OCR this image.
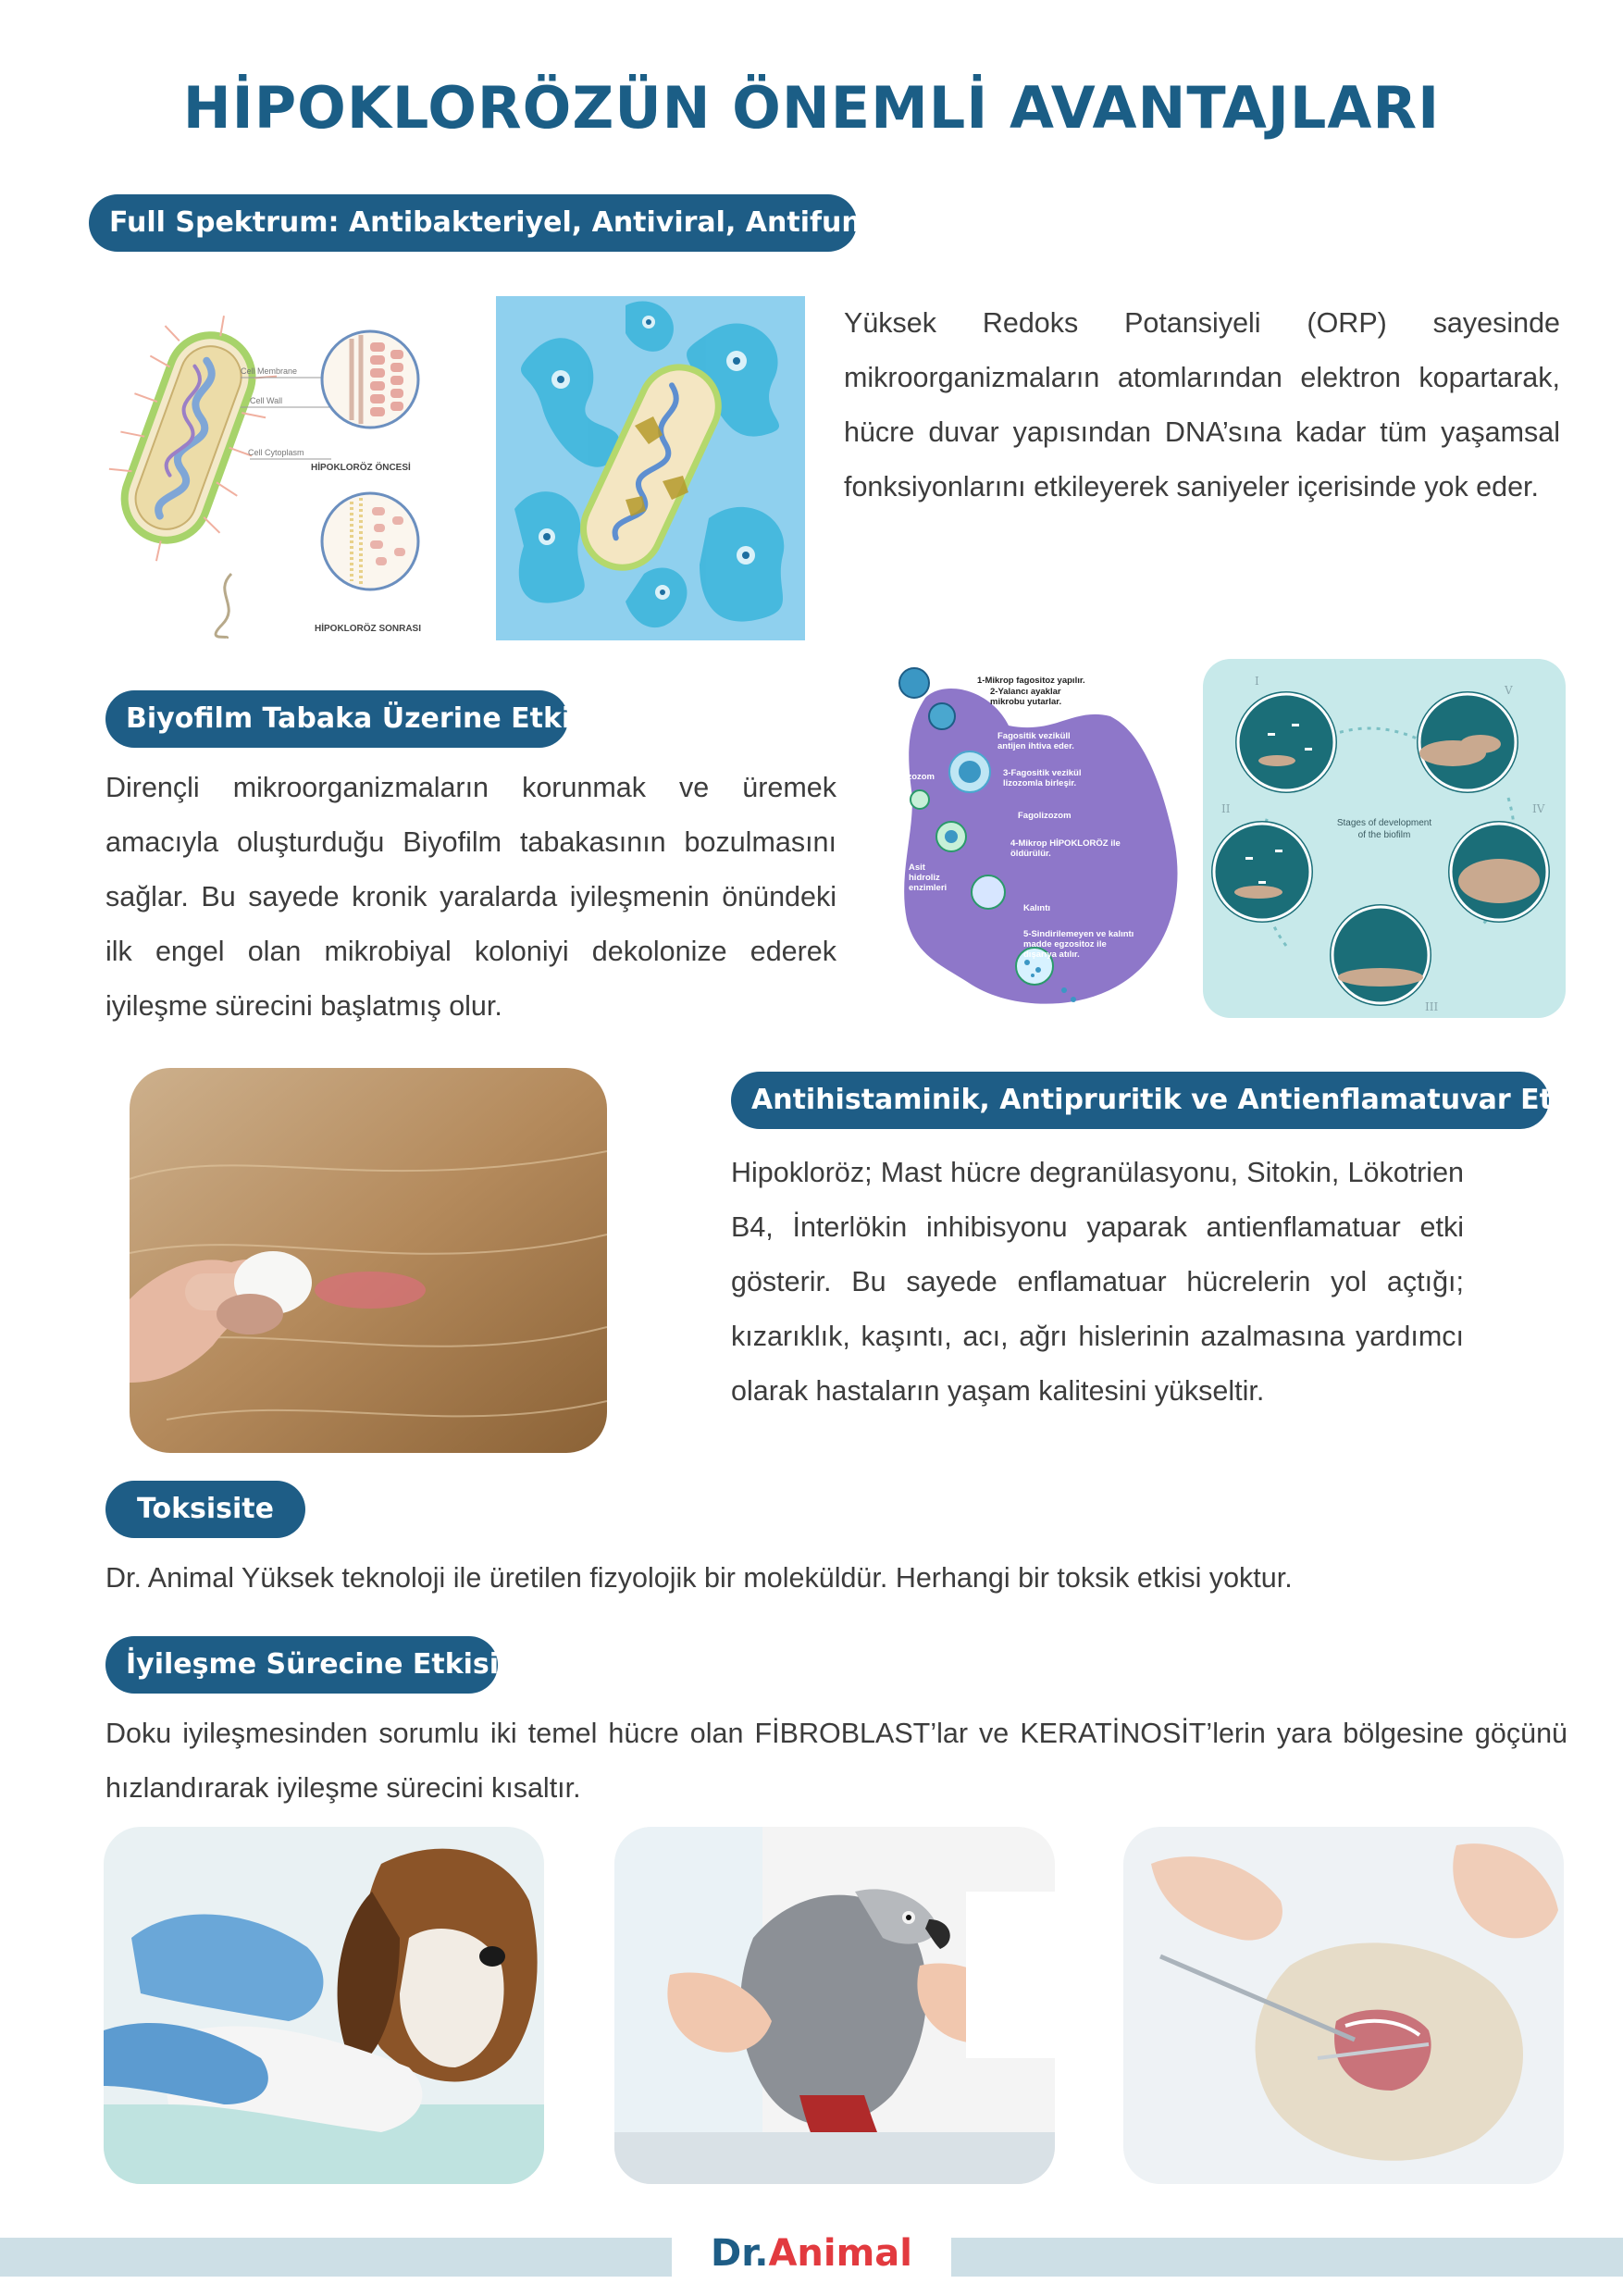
HİPOKLORÖZÜN ÖNEMLİ AVANTAJLARI
Full Spektrum: Antibakteriyel, Antiviral, Antifungal
Cell Membrane
Cell Wall
Cell Cytoplasm
HİPOKLORÖZ ÖNCESİ
HİPOKLORÖZ SONRASI
Yüksek Redoks Potansiyeli (ORP) sayesinde mikroorganizmaların atomlarından elektron kopartarak, hücre duvar yapısından DNA’sına kadar tüm yaşamsal fonksiyonlarını etkileyerek saniyeler içerisinde yok eder.
Biyofilm Tabaka Üzerine Etki
Dirençli mikroorganizmaların korunmak ve üremek amacıyla oluşturduğu Biyofilm tabakasının bozulmasını sağlar. Bu sayede kronik yaralarda iyileşmenin önündeki ilk engel olan mikrobiyal koloniyi dekolonize ederek iyileşme sürecini başlatmış olur.
1-Mikrop fagositoz yapılır.
2-Yalancı ayaklar
mikrobu yutarlar.
Fagositik veziküll
antijen ihtiva eder.
Lizozom	3-Fagositik vezikül
lizozomla birleşir.
Fagolizozom
4-Mikrop HİPOKLORÖZ ile
öldürülür.
Asit
hidroliz
enzimleri
Kalıntı
5-Sindirilemeyen ve kalıntı
madde egzositoz ile
dışarıya atılır.
I
II
III
IV
V
Stages of development
of the biofilm
Antihistaminik, Antipruritik ve Antienflamatuvar Etki
Hipokloröz; Mast hücre degranülasyonu, Sitokin, Lökotrien B4, İnterlökin inhibisyonu yaparak antienflamatuar etki gösterir. Bu sayede enflamatuar hücrelerin yol açtığı; kızarıklık, kaşıntı, acı, ağrı hislerinin azalmasına yardımcı olarak hastaların yaşam kalitesini yükseltir.
Toksisite
Dr. Animal Yüksek teknoloji ile üretilen fizyolojik bir moleküldür. Herhangi bir toksik etkisi yoktur.
İyileşme Sürecine Etkisi
Doku iyileşmesinden sorumlu iki temel hücre olan FİBROBLAST’lar ve KERATİNOSİT’lerin yara bölgesine göçünü hızlandırarak iyileşme sürecini kısaltır.
Dr.Animal
